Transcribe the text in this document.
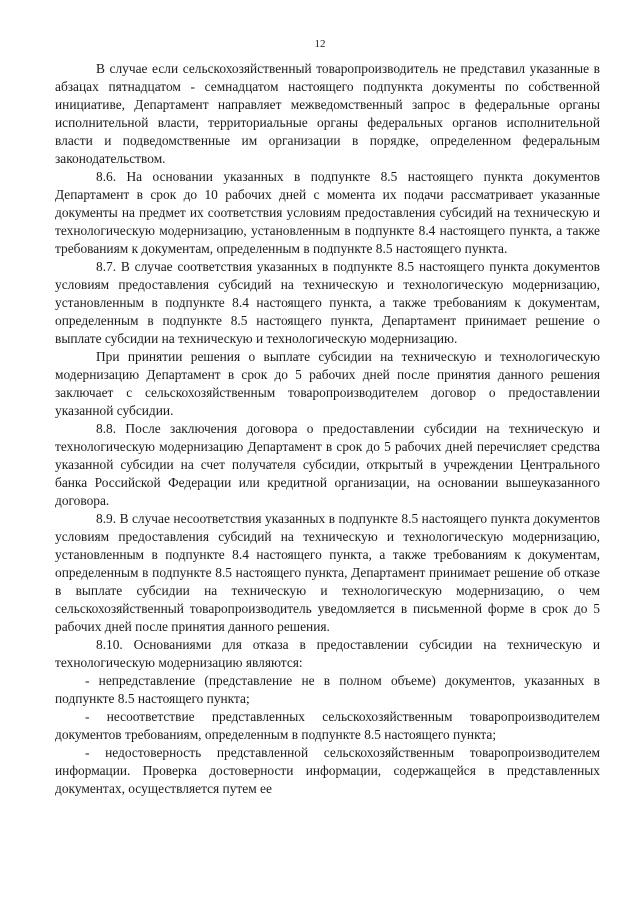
12

В случае если сельскохозяйственный товаропроизводитель не представил указанные в абзацах пятнадцатом - семнадцатом настоящего подпункта документы по собственной инициативе, Департамент направляет межведомственный запрос в федеральные органы исполнительной власти, территориальные органы федеральных органов исполнительной власти и подведомственные им организации в порядке, определенном федеральным законодательством.

8.6. На основании указанных в подпункте 8.5 настоящего пункта документов Департамент в срок до 10 рабочих дней с момента их подачи рассматривает указанные документы на предмет их соответствия условиям предоставления субсидий на техническую и технологическую модернизацию, установленным в подпункте 8.4 настоящего пункта, а также требованиям к документам, определенным в подпункте 8.5 настоящего пункта.

8.7. В случае соответствия указанных в подпункте 8.5 настоящего пункта документов условиям предоставления субсидий на техническую и технологическую модернизацию, установленным в подпункте 8.4 настоящего пункта, а также требованиям к документам, определенным в подпункте 8.5 настоящего пункта, Департамент принимает решение о выплате субсидии на техническую и технологическую модернизацию.

При принятии решения о выплате субсидии на техническую и технологическую модернизацию Департамент в срок до 5 рабочих дней после принятия данного решения заключает с сельскохозяйственным товаропроизводителем договор о предоставлении указанной субсидии.

8.8. После заключения договора о предоставлении субсидии на техническую и технологическую модернизацию Департамент в срок до 5 рабочих дней перечисляет средства указанной субсидии на счет получателя субсидии, открытый в учреждении Центрального банка Российской Федерации или кредитной организации, на основании вышеуказанного договора.

8.9. В случае несоответствия указанных в подпункте 8.5 настоящего пункта документов условиям предоставления субсидий на техническую и технологическую модернизацию, установленным в подпункте 8.4 настоящего пункта, а также требованиям к документам, определенным в подпункте 8.5 настоящего пункта, Департамент принимает решение об отказе в выплате субсидии на техническую и технологическую модернизацию, о чем сельскохозяйственный товаропроизводитель уведомляется в письменной форме в срок до 5 рабочих дней после принятия данного решения.

8.10. Основаниями для отказа в предоставлении субсидии на техническую и технологическую модернизацию являются:

- непредставление (представление не в полном объеме) документов, указанных в подпункте 8.5 настоящего пункта;

- несоответствие представленных сельскохозяйственным товаропроизводителем документов требованиям, определенным в подпункте 8.5 настоящего пункта;

- недостоверность представленной сельскохозяйственным товаропроизводителем информации. Проверка достоверности информации, содержащейся в представленных документах, осуществляется путем ее
